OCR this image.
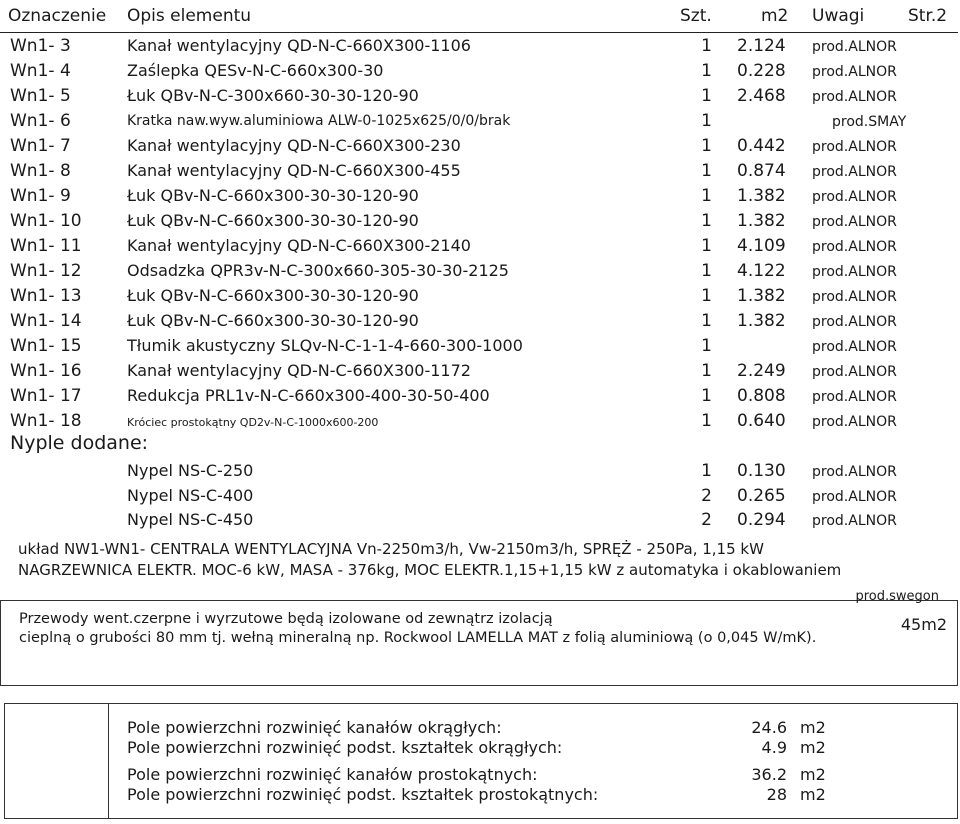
Oznaczenie Opis elementu	Szt.	m2 Uwagi	Str.2
Wn1- 3	Kanał wentylacyjny QD-N-C-660X300-1106	1 2.124 prod.ALNOR
Wn1- 4	Zaślepka QESv-N-C-660x300-30	1 0.228 prod.ALNOR
Wn1- 5	Łuk QBv-N-C-300x660-30-30-120-90	1 2.468 prod.ALNOR
Wn1- 6	Kratka naw.wyw.aluminiowa ALW-0-1025x625/0/0/brak	1	prod.SMAY
Wn1- 7	Kanał wentylacyjny QD-N-C-660X300-230	1 0.442 prod.ALNOR
Wn1- 8	Kanał wentylacyjny QD-N-C-660X300-455	1 0.874 prod.ALNOR
Wn1- 9	Łuk QBv-N-C-660x300-30-30-120-90	1 1.382 prod.ALNOR
Wn1- 10	Łuk QBv-N-C-660x300-30-30-120-90	1 1.382 prod.ALNOR
Wn1- 11	Kanał wentylacyjny QD-N-C-660X300-2140	1 4.109 prod.ALNOR
Wn1- 12	Odsadzka QPR3v-N-C-300x660-305-30-30-2125	1 4.122 prod.ALNOR
Wn1- 13	Łuk QBv-N-C-660x300-30-30-120-90	1 1.382 prod.ALNOR
Wn1- 14	Łuk QBv-N-C-660x300-30-30-120-90	1 1.382 prod.ALNOR
Wn1- 15	Tłumik akustyczny SLQv-N-C-1-1-4-660-300-1000	1	prod.ALNOR
Wn1- 16	Kanał wentylacyjny QD-N-C-660X300-1172	1 2.249 prod.ALNOR
Wn1- 17	Redukcja PRL1v-N-C-660x300-400-30-50-400	1 0.808 prod.ALNOR
Wn1- 18	Króciec prostokątny QD2v-N-C-1000x600-200	1 0.640 prod.ALNOR
Nyple dodane:
Nypel NS-C-250	1 0.130 prod.ALNOR
Nypel NS-C-400	2 0.265 prod.ALNOR
Nypel NS-C-450	2 0.294 prod.ALNOR
układ NW1-WN1- CENTRALA WENTYLACYJNA Vn-2250m3/h, Vw-2150m3/h, SPRĘŻ - 250Pa, 1,15 kW
NAGRZEWNICA ELEKTR. MOC-6 kW, MASA - 376kg, MOC ELEKTR.1,15+1,15 kW z automatyka i okablowaniem
prod.swegon
Przewody went.czerpne i wyrzutowe będą izolowane od zewnątrz izolacją
cieplną o grubości 80 mm tj. wełną mineralną np. Rockwool LAMELLA MAT z folią aluminiową (o 0,045 W/mK).
45m2
Pole powierzchni rozwinięć kanałów okrągłych:	24.6 m2
Pole powierzchni rozwinięć podst. kształtek okrągłych:	4.9 m2
Pole powierzchni rozwinięć kanałów prostokątnych:	36.2 m2
Pole powierzchni rozwinięć podst. kształtek prostokątnych:	28 m2
